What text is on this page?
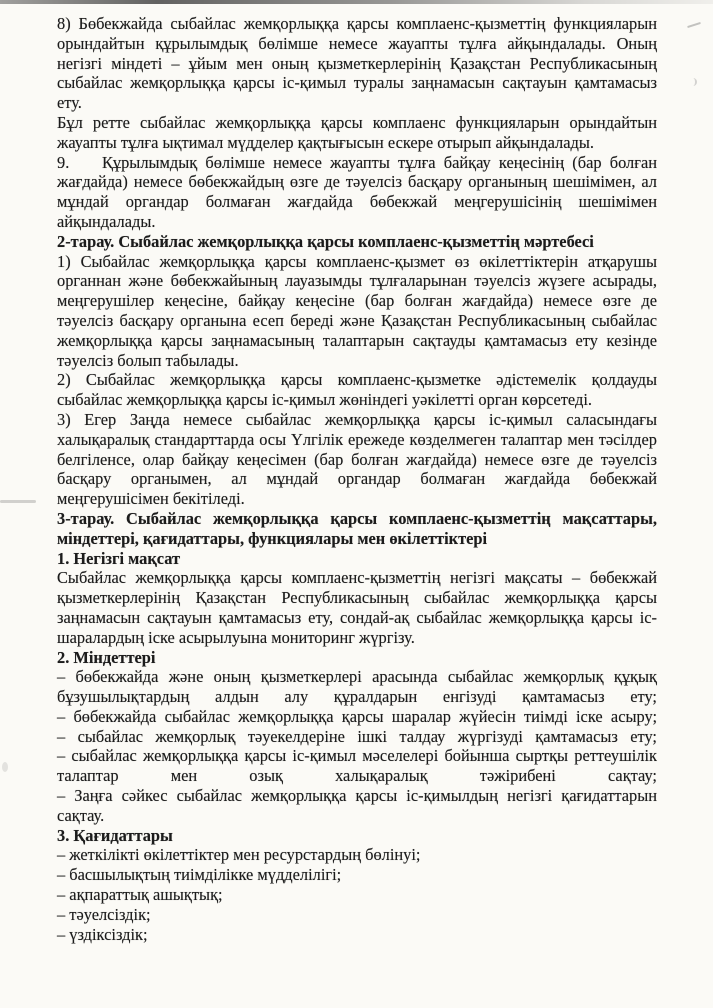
8) Бөбекжайда сыбайлас жемқорлыққа қарсы комплаенс-қызметтің функцияларын орындайтын құрылымдық бөлімше немесе жауапты тұлға айқындалады. Оның негізгі міндеті – ұйым мен оның қызметкерлерінің Қазақстан Республикасының сыбайлас жемқорлыққа қарсы іс-қимыл туралы заңнамасын сақтауын қамтамасыз ету.

Бұл ретте сыбайлас жемқорлыққа қарсы комплаенс функцияларын орындайтын жауапты тұлға ықтимал мүдделер қақтығысын ескере отырып айқындалады.

9.    Құрылымдық бөлімше немесе жауапты тұлға байқау кеңесінің (бар болған жағдайда) немесе бөбекжайдың өзге де тәуелсіз басқару органының шешімімен, ал мұндай органдар болмаған жағдайда бөбекжай меңгерушісінің шешімімен айқындалады.

2-тарау. Сыбайлас жемқорлыққа қарсы комплаенс-қызметтің мәртебесі

1) Сыбайлас жемқорлыққа қарсы комплаенс-қызмет өз өкілеттіктерін атқарушы органнан және бөбекжайының лауазымды тұлғаларынан тәуелсіз жүзеге асырады, меңгерушілер кеңесіне, байқау кеңесіне (бар болған жағдайда) немесе өзге де тәуелсіз басқару органына есеп береді және Қазақстан Республикасының сыбайлас жемқорлыққа қарсы заңнамасының талаптарын сақтауды қамтамасыз ету кезінде тәуелсіз болып табылады.

2) Сыбайлас жемқорлыққа қарсы комплаенс-қызметке әдістемелік қолдауды сыбайлас жемқорлыққа қарсы іс-қимыл жөніндегі уәкілетті орган көрсетеді.

3) Егер Заңда немесе сыбайлас жемқорлыққа қарсы іс-қимыл саласындағы халықаралық стандарттарда осы Үлгілік ережеде көзделмеген талаптар мен тәсілдер белгіленсе, олар байқау кеңесімен (бар болған жағдайда) немесе өзге де тәуелсіз басқару органымен, ал мұндай органдар болмаған жағдайда бөбекжай меңгерушісімен бекітіледі.

3-тарау. Сыбайлас жемқорлыққа қарсы комплаенс-қызметтің мақсаттары, міндеттері, қағидаттары, функциялары мен өкілеттіктері

1. Негізгі мақсат

Сыбайлас жемқорлыққа қарсы комплаенс-қызметтің негізгі мақсаты – бөбекжай қызметкерлерінің Қазақстан Республикасының сыбайлас жемқорлыққа қарсы заңнамасын сақтауын қамтамасыз ету, сондай-ақ сыбайлас жемқорлыққа қарсы іс-шаралардың іске асырылуына мониторинг жүргізу.

2. Міндеттері

– бөбекжайда және оның қызметкерлері арасында сыбайлас жемқорлық құқық бұзушылықтардың алдын алу құралдарын енгізуді қамтамасыз ету;

– бөбекжайда сыбайлас жемқорлыққа қарсы шаралар жүйесін тиімді іске асыру;

– сыбайлас жемқорлық тәуекелдеріне ішкі талдау жүргізуді қамтамасыз ету;

– сыбайлас жемқорлыққа қарсы іс-қимыл мәселелері бойынша сыртқы реттеушілік талаптар мен озық халықаралық тәжірибені сақтау;

– Заңға сәйкес сыбайлас жемқорлыққа қарсы іс-қимылдың негізгі қағидаттарын сақтау.

3. Қағидаттары

– жеткілікті өкілеттіктер мен ресурстардың бөлінуі;

– басшылықтың тиімділікке мүдделілігі;

– ақпараттық ашықтық;

– тәуелсіздік;

– үздіксіздік;
